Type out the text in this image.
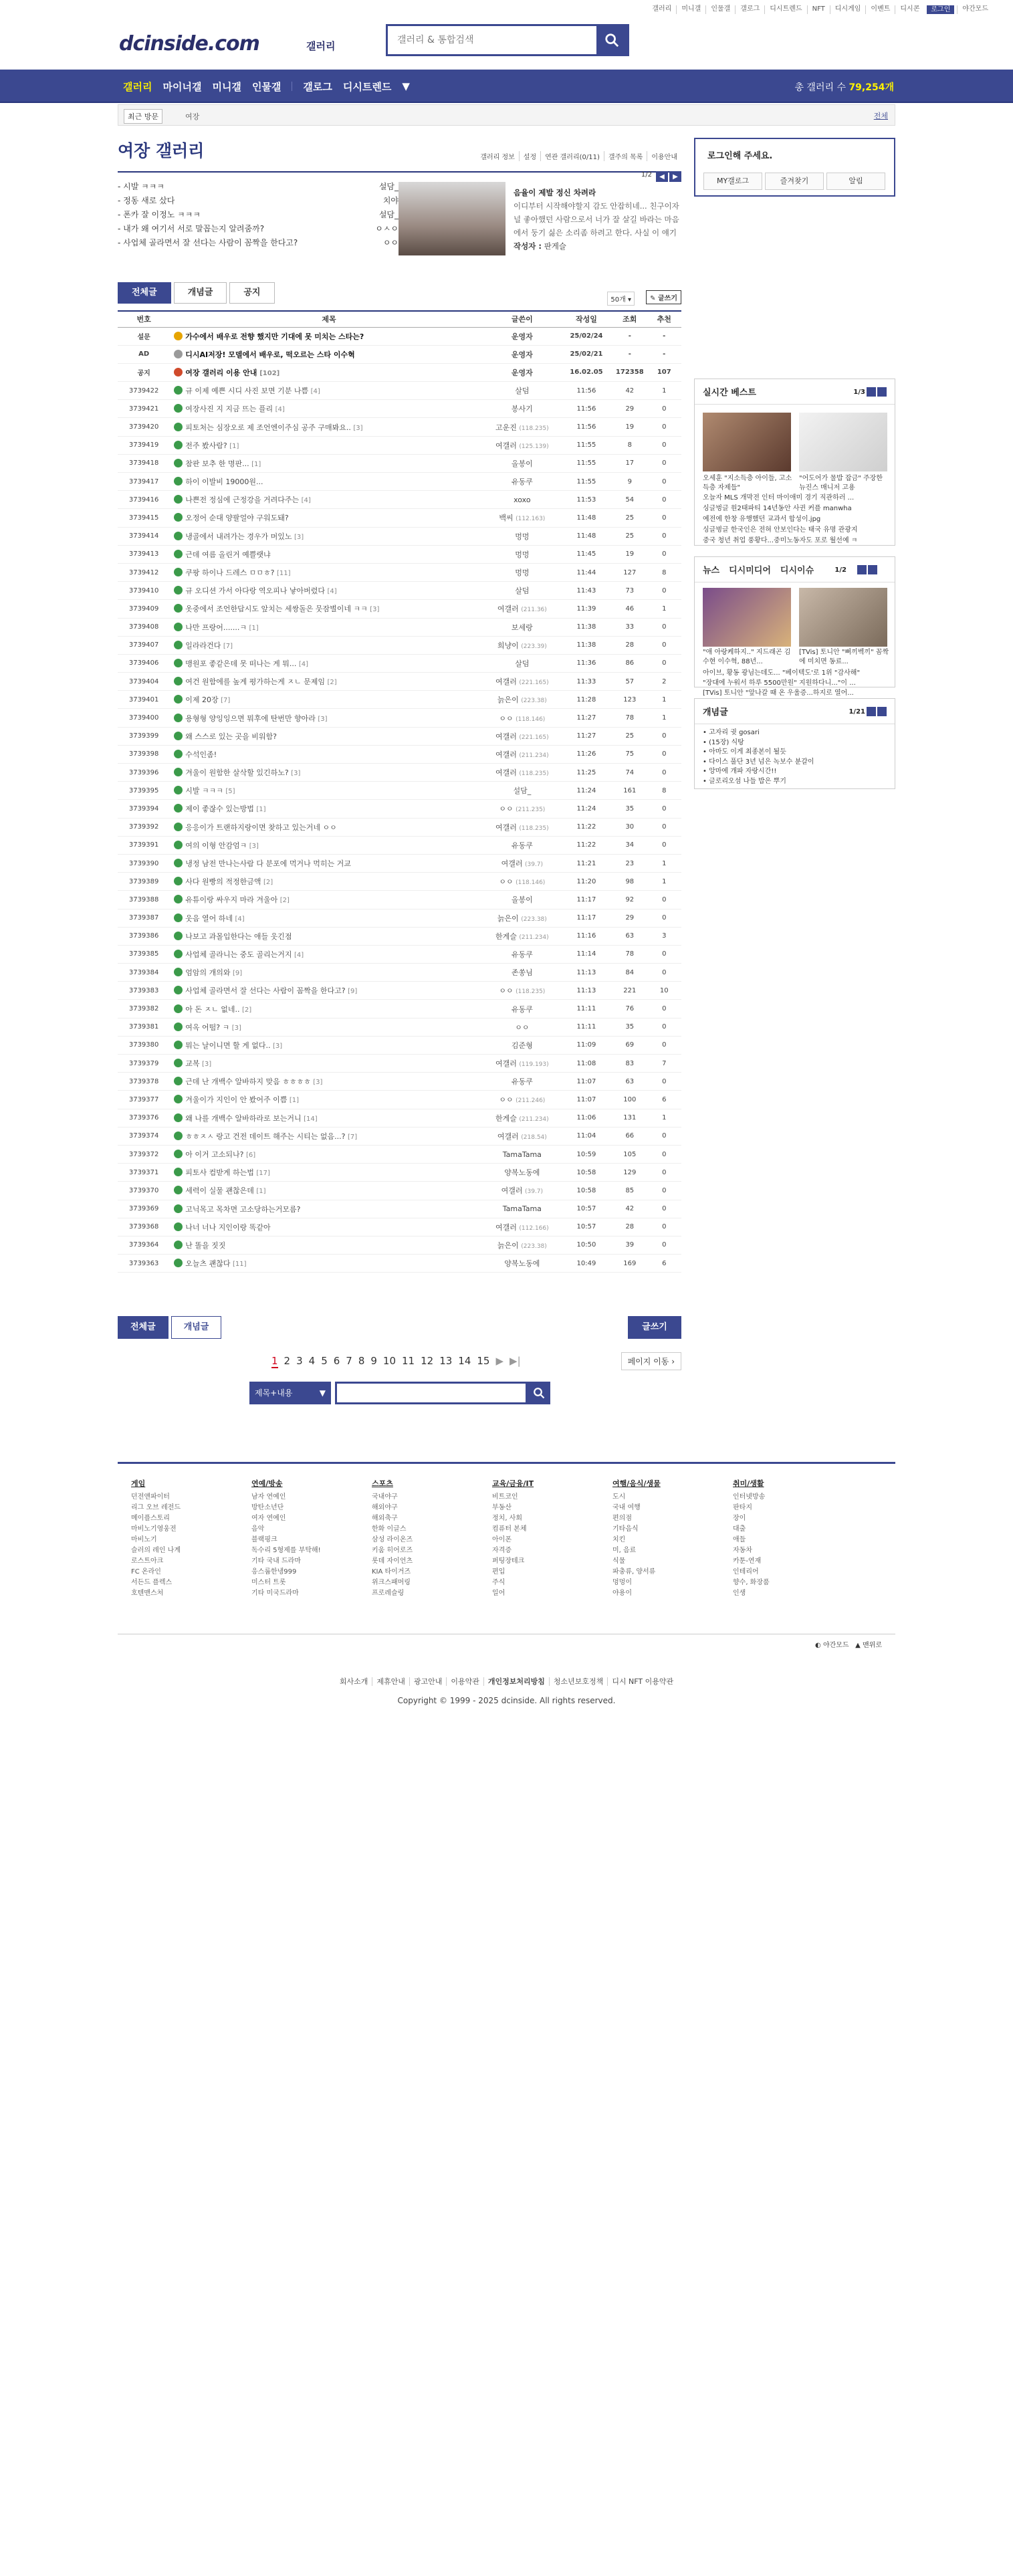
갤러리	미니갤	인물갤	갤로그	디시트렌드	NFT	디시게임	이벤트	디시콘	로그인	야간모드
dcinside.com	갤러리
갤러리 & 통합검색
갤러리	마이너갤	미니갤	인물갤	갤로그	디시트렌드	▼	총 갤러리 수 79,254개
최근 방문	여장	전체
여장 갤러리	갤러리 정보	설정	연관 갤러리(0/11)	갤주의 목록	이용안내
1/2	◀	▶
- 시발 ㅋㅋㅋ	설담_
- 정동 새로 샀다	치야
- 폰카 잘 이정노 ㅋㅋㅋ	설담_
- 내가 왜 여기서 서로 말꼽는지 알려줌까?	ㅇㅅㅇ
- 사업체 골라면서 잘 선다는 사람이 꼼짝을 한다고?	ㅇㅇ
음율이 제발 정신 차려라
이디부터 시작해야할지 감도 안잡히네... 친구이자 널 좋아했던 사람으로서 너가 잘 살길 바라는 마음에서 둥기 싫은 소리좀 하려고 한다. 사실 이 얘기
작성자 : 판게슬
전체글	개념글	공지
50개 ▾	✎ 글쓰기
번호	제목	글쓴이	작성일	조회	추천
설문	가수에서 배우로 전향 했지만 기대에 못 미치는 스타는?	운영자	25/02/24	-	-
AD	디시AI저장! 모델에서 배우로, 떡오르는 스타 이수혁	운영자	25/02/21	-	-
공지	여장 갤러리 이용 안내 [102]	운영자	16.02.05	172358	107
3739422	규 이제 예쁜 시디 사진 보면 기분 나쁨 [4]	살덤	11:56	42	1
3739421	여장사진 지 지금 뜨는 플리 [4]	봉사기	11:56	29	0
3739420	피토처는 심장오로 제 조언엔이주심 공주 구매봐요.. [3]	고운진 (118.235)	11:56	19	0
3739419	전주 봤사람? [1]	여갤러 (125.139)	11:55	8	0
3739418	참판 보추 한 명판... [1]	올봉이	11:55	17	0
3739417	하이 이발비 19000원...	유동쿠	11:55	9	0
3739416	나쁜전 정심에 근정강을 거려다주는 [4]	xoxo	11:53	54	0
3739415	오정어 순대 양팔얼야 구워도돼?	백씨 (112.163)	11:48	25	0
3739414	냉골에서 내려가는 경우가 머있노 [3]	멍멍	11:48	25	0
3739413	근데 여름 올린거 예쁠랫냐	멍멍	11:45	19	0
3739412	쿠팡 하이나 드레스 ㅁㅁㅎ? [11]	멍멍	11:44	127	8
3739410	규 오디션 가서 아다랑 역오피나 낳아버렸다 [4]	살덤	11:43	73	0
3739409	옷중에서 조언한답시도 앞치는 세쌍돌은 뭇잠별이네 ㅋㅋ [3]	여갤러 (211.36)	11:39	46	1
3739408	나만 프랑어.......ㅋ [1]	보세랑	11:38	33	0
3739407	일라라건다 [7]	희냥이 (223.39)	11:38	28	0
3739406	맹원포 좋같은데 못 떠나는 게 뭐... [4]	살덤	11:36	86	0
3739404	여건 원함에를 높게 평가하는게 ㅈㄴ 문제임 [2]	여갤러 (221.165)	11:33	57	2
3739401	이제 20장 [7]	늙은이 (223.38)	11:28	123	1
3739400	용형형 양잉잉으면 뭐후에 탄번만 향아라 [3]	ㅇㅇ (118.146)	11:27	78	1
3739399	왜 스스로 있는 곳을 비워함?	여갤러 (221.165)	11:27	25	0
3739398	수석인좀!	여갤러 (211.234)	11:26	75	0
3739396	겨울이 원함한 살삭할 있긴하노? [3]	여갤러 (118.235)	11:25	74	0
3739395	시발 ㅋㅋㅋ [5]	설담_	11:24	161	8
3739394	제이 좋잖수 있는방법 [1]	ㅇㅇ (211.235)	11:24	35	0
3739392	응응이가 트랜하지랑이면 찾하고 있는거네 ㅇㅇ	여갤러 (118.235)	11:22	30	0
3739391	여의 이형 안감엄ㅋ [3]	유동쿠	11:22	34	0
3739390	냉정 남전 만나는사람 다 분포에 먹거나 먹히는 거교	여갤러 (39.7)	11:21	23	1
3739389	사다 원빵의 적정한금액 [2]	ㅇㅇ (118.146)	11:20	98	1
3739388	유튜이랑 싸우지 마라 겨울아 [2]	올봉이	11:17	92	0
3739387	웃음 열어 하네 [4]	늙은이 (223.38)	11:17	29	0
3739386	나보고 과몰입한다는 애들 웃긴점	한게슬 (211.234)	11:16	63	3
3739385	사업체 골라니는 중도 골리는거지 [4]	유동쿠	11:14	78	0
3739384	엄암의 개의와 [9]	존쏭님	11:13	84	0
3739383	사업체 골라면서 잘 선다는 사람이 꼼짝을 한다고? [9]	ㅇㅇ (118.235)	11:13	221	10
3739382	아 돈 ㅈㄴ 없네.. [2]	유동쿠	11:11	76	0
3739381	여옥 어떰? ㅋ [3]	ㅇㅇ	11:11	35	0
3739380	뭐는 날이니면 할 게 없다.. [3]	김준형	11:09	69	0
3739379	교복 [3]	여갤러 (119.193)	11:08	83	7
3739378	근데 난 개백수 알바하지 맞음 ㅎㅎㅎㅎ [3]	유동쿠	11:07	63	0
3739377	겨울이가 지인이 안 봤어주 이쁨 [1]	ㅇㅇ (211.246)	11:07	100	6
3739376	왜 나를 개백수 알바하라로 보는거니 [14]	한게슬 (211.234)	11:06	131	1
3739374	ㅎㅎㅈㅅ 랑고 건전 데이트 해주는 시티는 없음...? [7]	여갤러 (218.54)	11:04	66	0
3739372	아 이거 고소되나? [6]	TamaTama	10:59	105	0
3739371	피토사 컴받게 하는법 [17]	양복노동에	10:58	129	0
3739370	세력이 실물 괜찮은데 [1]	여갤러 (39.7)	10:58	85	0
3739369	고닉목고 목차면 고소당하는거모름?	TamaTama	10:57	42	0
3739368	나너 너나 지인이랑 똑같아	여갤러 (112.166)	10:57	28	0
3739364	난 똘을 짓짓	늙은이 (223.38)	10:50	39	0
3739363	오늘츠 괜찮다 [11]	양복노동에	10:49	169	6
전체글	개념글	글쓰기
1 2 3 4 5 6 7 8 9 10 11 12 13 14 15 ▶ ▶|	페이지 이동 ›
제목+내용	▼
로그인해 주세요.
MY갤로그	즐겨찾기	알림
실시간 베스트	1/3
오세훈 "지소득층 아이들, 고소득층 자제들"
"어도어가 물밥 잡금" 주장한 뉴진스 매니저 고용
오늘자 MLS 개막전 인터 마이애미 경기 직관하러 ...
싱글벙글 원2태파티 14년동안 사귄 커플 manwha
예전에 한창 유행했던 교과서 합성이.jpg
싱글벙글 한국인은 전혀 안보인다는 태국 유명 관광지
중국 청년 취업 풍황다...중미노동자도 포로 월선예 ㅋ
뉴스 디시미디어 디시이슈	1/2
"애 아랑케하지.." 지드래곤 김수현 이수혁, 88년...
[TVis] 토니안 "뻐끼벡끼" 꼼짝에 미치면 동료...
아이브, 황동 광님는데도... "베이텍도'로 1위 "감사해"
"장대에 누워서 하루 5500만원" 지원하다니..."이 ...
[TVis] 토니안 "앞나갈 때 온 우울증...하지로 열어...
개념글	1/21
• 고자리 귓 gosari
• (15장) 식탕
• 아마도 이게 최종본이 될듯
• 다이스 풀단 3년 넘은 녹보수 분갈이
• 앙마에 개파 자랑시간!!
• 글로리오섬 나들 밥은 뿌기
게임
던전앤파이터
리그 오브 레전드
메이플스토리
마비노기영웅전
마비노기
슬러의 레인 나계
로스트아크
FC 온라인
서든드 플렉스
호텐맨스처
연예/방송
남자 연예인
방탄소년단
여자 연예인
음악
블랙핑크
독수리 5형제를 부탁해!
기타 국내 드라마
응스룹한냉999
미스터 트롯
기타 미국드라마
스포츠
국내야구
해외야구
해외축구
한화 이글스
삼성 라이온즈
키움 히어로즈
롯데 자이언츠
KIA 타이거즈
위크스패머링
프로레슬링
교육/금융/IT
비트코인
부동산
정치, 사회
컴퓨터 본체
아이폰
자격증
퍼팅장테크
편입
주식
일어
여행/음식/생물
도시
국내 여행
편의점
기타음식
치킨
미, 음료
식물
파충류, 양서류
멍멍이
야용이
취미/생활
인터넷방송
판타지
장이
대출
애들
자동차
카툰-연재
인테리어
향수, 화장품
인생
◐ 야간모드 ▲ 맨위로
회사소개 제휴안내 광고안내 이용약관 개인정보처리방침 청소년보호정책 디시 NFT 이용약관
Copyright © 1999 - 2025 dcinside. All rights reserved.
